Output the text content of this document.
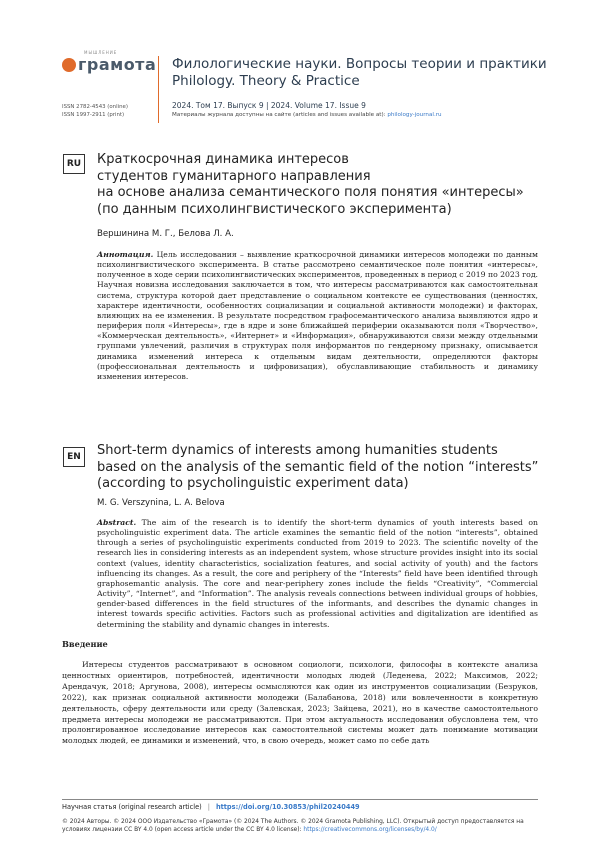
МЫШЛЕНИЕ
грамота
ISSN 2782-4543 (online)
ISSN 1997-2911 (print)
Филологические науки. Вопросы теории и практики
Philology. Theory & Practice
2024. Том 17. Выпуск 9 | 2024. Volume 17. Issue 9
Материалы журнала доступны на сайте (articles and issues available at): philology-journal.ru
RU Краткосрочная динамика интересов
студентов гуманитарного направления
на основе анализа семантического поля понятия «интересы»
(по данным психолингвистического эксперимента)
Вершинина М. Г., Белова Л. А.
Аннотация. Цель исследования – выявление краткосрочной динамики интересов молодежи по данным психолингвистического эксперимента. В статье рассмотрено семантическое поле понятия «интересы», полученное в ходе серии психолингвистических экспериментов, проведенных в период с 2019 по 2023 год. Научная новизна исследования заключается в том, что интересы рассматриваются как самостоятельная система, структура которой дает представление о социальном контексте ее существования (ценностях, характере идентичности, особенностях социализации и социальной активности молодежи) и факторах, влияющих на ее изменения. В результате посредством графосемантического анализа выявляются ядро и периферия поля «Интересы», где в ядре и зоне ближайшей периферии оказываются поля «Творчество», «Коммерческая деятельность», «Интернет» и «Информация», обнаруживаются связи между отдельными группами увлечений, различия в структурах поля информантов по гендерному признаку, описывается динамика изменений интереса к отдельным видам деятельности, определяются факторы (профессиональная деятельность и цифровизация), обуславливающие стабильность и динамику изменения интересов.
EN	Short-term dynamics of interests among humanities students
based on the analysis of the semantic field of the notion “interests”
(according to psycholinguistic experiment data)
M. G. Verszynina, L. A. Belova
Abstract. The aim of the research is to identify the short-term dynamics of youth interests based on psycholinguistic experiment data. The article examines the semantic field of the notion “interests”, obtained through a series of psycholinguistic experiments conducted from 2019 to 2023. The scientific novelty of the research lies in considering interests as an independent system, whose structure provides insight into its social context (values, identity characteristics, socialization features, and social activity of youth) and the factors influencing its changes. As a result, the core and periphery of the “Interests” field have been identified through graphosemantic analysis. The core and near-periphery zones include the fields “Creativity”, “Commercial Activity”, “Internet”, and “Information”. The analysis reveals connections between individual groups of hobbies, gender-based differences in the field structures of the informants, and describes the dynamic changes in interest towards specific activities. Factors such as professional activities and digitalization are identified as determining the stability and dynamic changes in interests.
Введение
Интересы студентов рассматривают в основном социологи, психологи, философы в контексте анализа ценностных ориентиров, потребностей, идентичности молодых людей (Леденева, 2022; Максимов, 2022; Арендачук, 2018; Аргунова, 2008), интересы осмысляются как один из инструментов социализации (Безруков, 2022), как признак социальной активности молодежи (Балабанова, 2018) или вовлеченности в конкретную деятельность, сферу деятельности или среду (Залевская, 2023; Зайцева, 2021), но в качестве самостоятельного предмета интересы молодежи не рассматриваются. При этом актуальность исследования обусловлена тем, что пролонгированное исследование интересов как самостоятельной системы может дать понимание мотивации молодых людей, ее динамики и изменений, что, в свою очередь, может само по себе дать
Научная статья (original research article) | https://doi.org/10.30853/phil20240449
© 2024 Авторы. © 2024 ООО Издательство «Грамота» (© 2024 The Authors. © 2024 Gramota Publishing, LLC). Открытый доступ предоставляется на условиях лицензии CC BY 4.0 (open access article under the CC BY 4.0 license): https://creativecommons.org/licenses/by/4.0/
